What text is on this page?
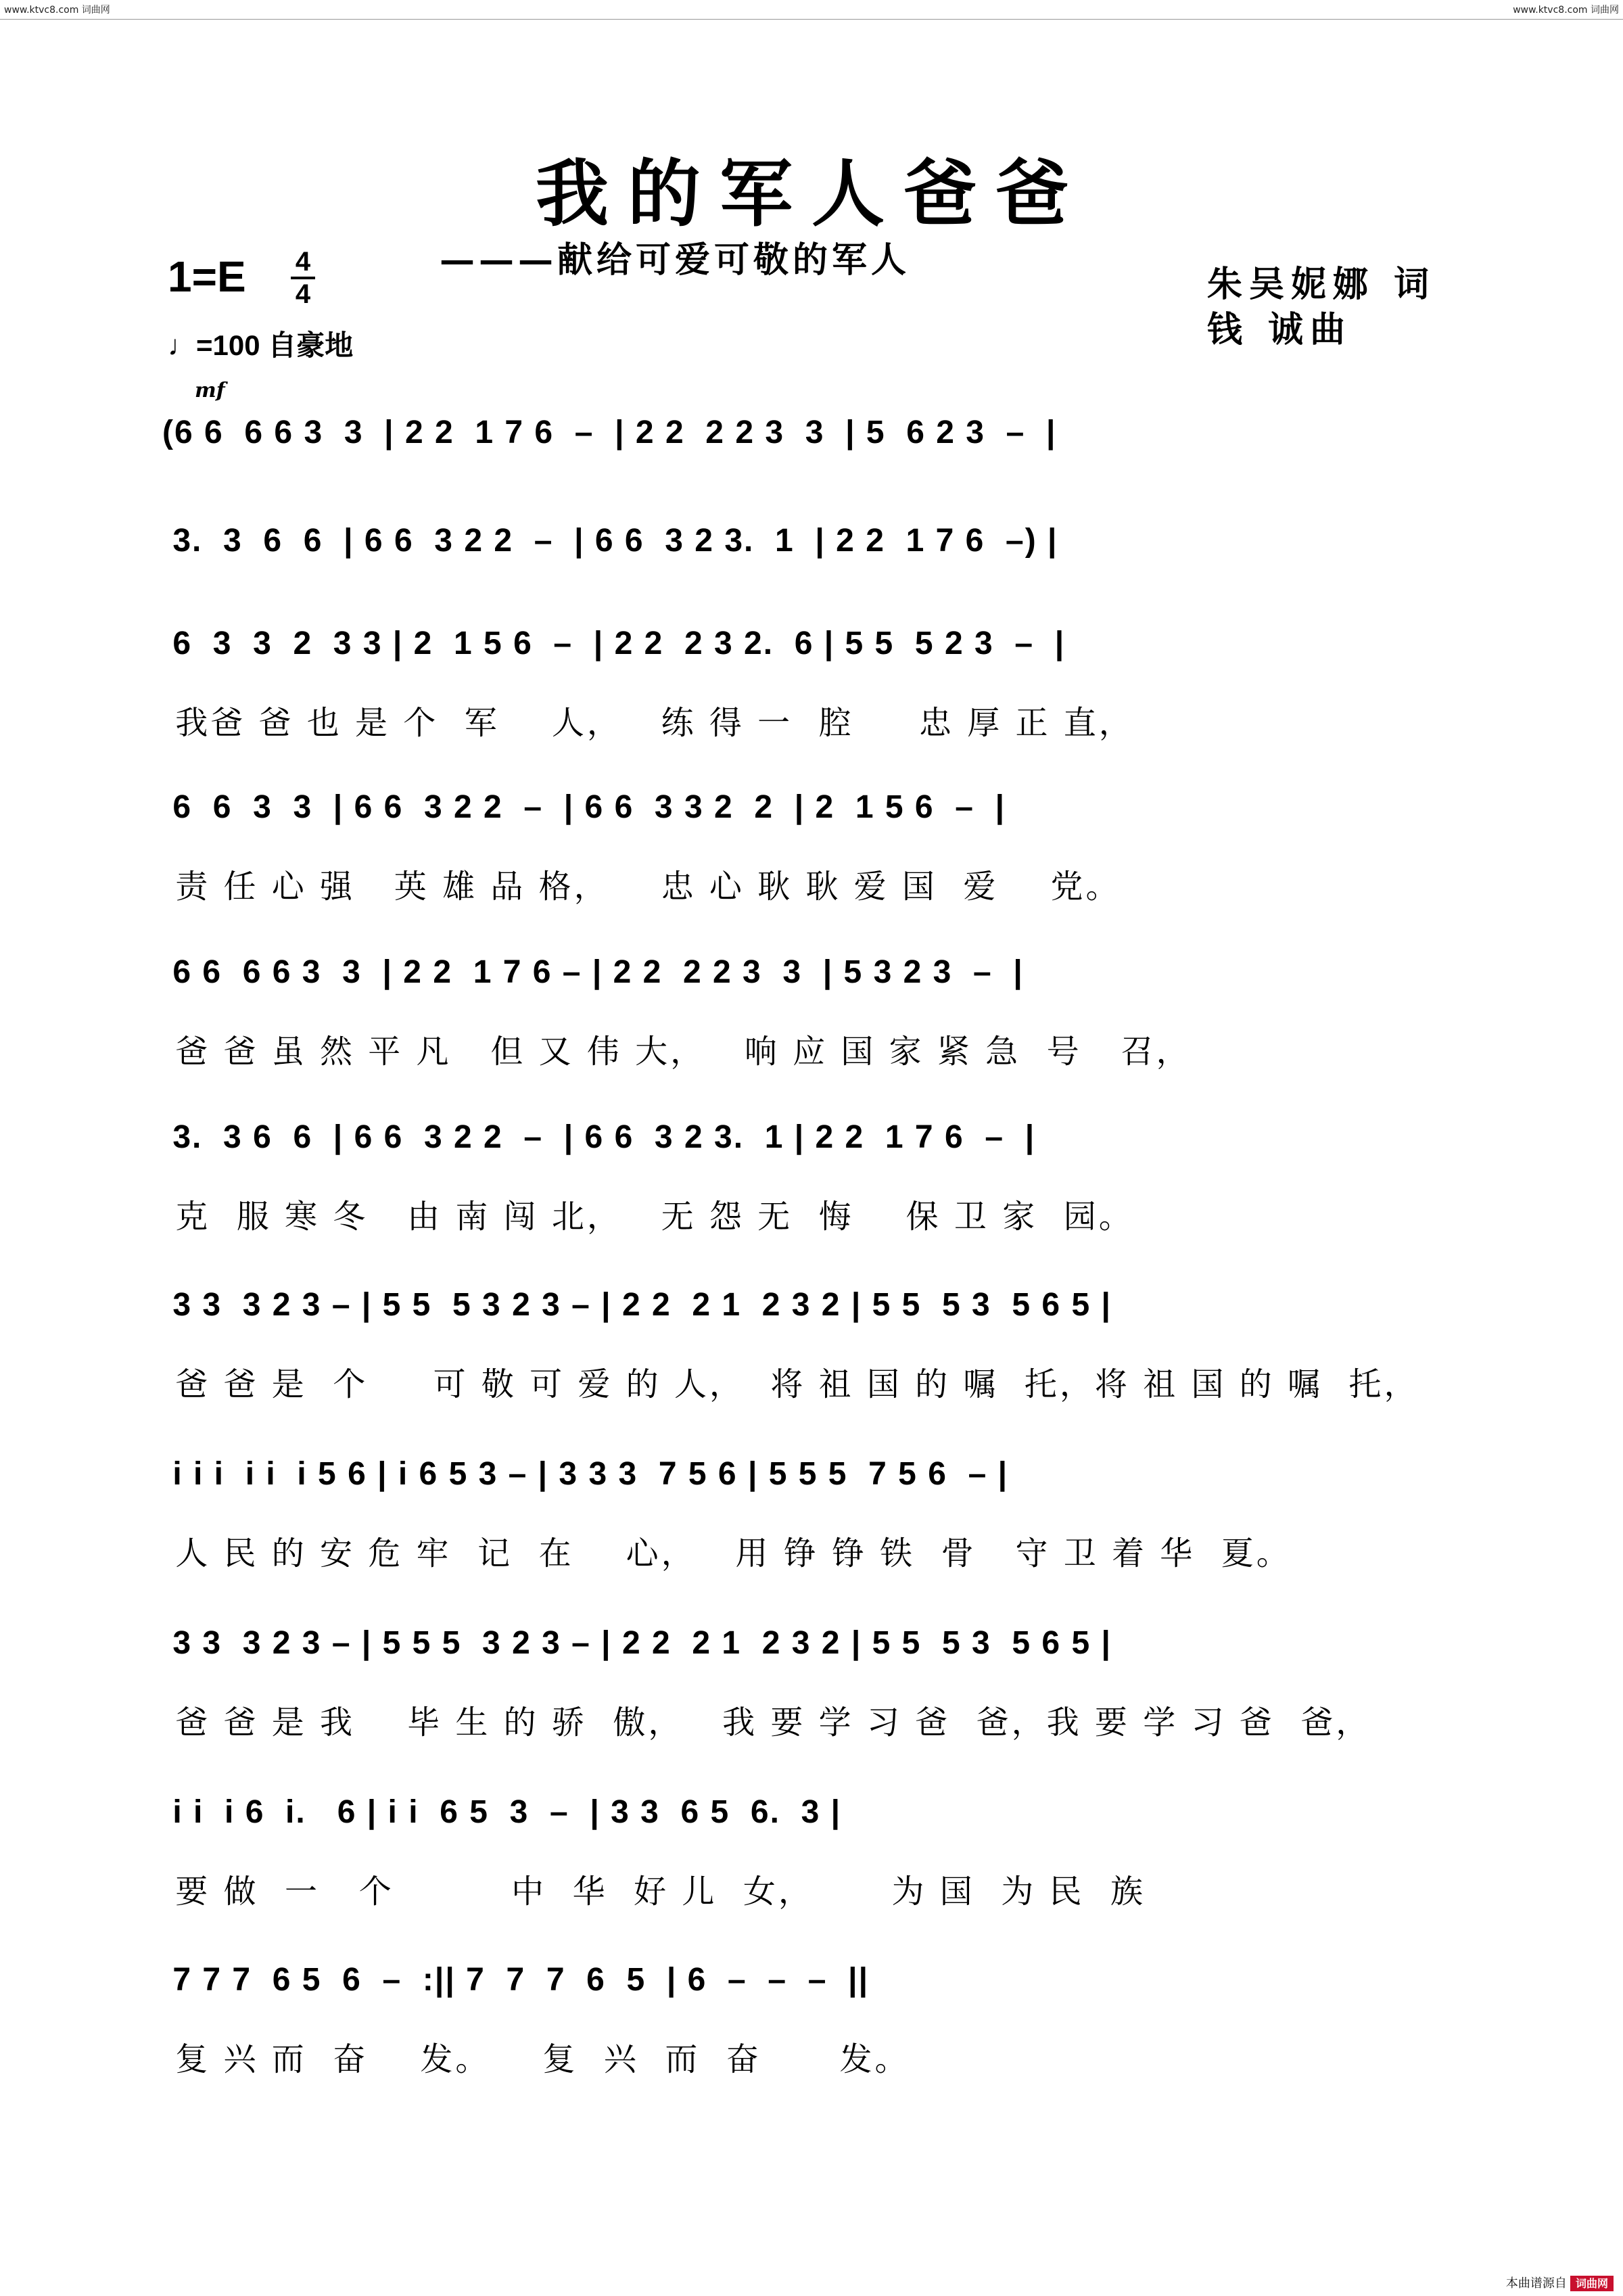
www.ktvc8.com 词曲网	www.ktvc8.com 词曲网
我的军人爸爸
———献给可爱可敬的军人
1=E 4
4
♩=100 自豪地
朱吴妮娜 词
钱 诚曲
mf
(6 6  6 6 3  3  | 2 2  1 7 6  –  | 2 2  2 2 3  3  | 5  6 2 3  –  |
3.  3  6  6  | 6 6  3 2 2  –  | 6 6  3 2 3.  1  | 2 2  1 7 6  –) |
6  3  3  2  3 3 | 2  1 5 6  –  | 2 2  2 3 2.  6 | 5 5  5 2 3  –  |
我爸 爸 也 是 个  军    人，   练 得 一  腔     忠 厚 正 直，
6  6  3  3  | 6 6  3 2 2  –  | 6 6  3 3 2  2  | 2  1 5 6  –  |
责 任 心 强   英 雄 品 格，    忠 心 耿 耿 爱 国  爱    党。
6 6  6 6 3  3  | 2 2  1 7 6 – | 2 2  2 2 3  3  | 5 3 2 3  –  |
爸 爸 虽 然 平 凡   但 又 伟 大，   响 应 国 家 紧 急  号   召，
3.  3 6  6  | 6 6  3 2 2  –  | 6 6  3 2 3.  1 | 2 2  1 7 6  –  |
克  服 寒 冬   由 南 闯 北，   无 怨 无  悔    保 卫 家  园。
3 3  3 2 3 – | 5 5  5 3 2 3 – | 2 2  2 1  2 3 2 | 5 5  5 3  5 6 5 |
爸 爸 是  个     可 敬 可 爱 的 人，  将 祖 国 的 嘱  托，将 祖 国 的 嘱  托，
i i i  i i  i 5 6 | i 6 5 3 – | 3 3 3  7 5 6 | 5 5 5  7 5 6  – |
人 民 的 安 危 牢  记  在    心，   用 铮 铮 铁  骨   守 卫 着 华  夏。
3 3  3 2 3 – | 5 5 5  3 2 3 – | 2 2  2 1  2 3 2 | 5 5  5 3  5 6 5 |
爸 爸 是 我    毕 生 的 骄  傲，   我 要 学 习 爸  爸，我 要 学 习 爸  爸，
i i  i 6  i.   6 | i i  6 5  3  –  | 3 3  6 5  6.  3 |
要 做  一   个         中  华  好 儿  女，      为 国  为 民  族
7 7 7  6 5  6  –  :|| 7  7  7  6  5  | 6  –  –  –  ||
复 兴 而  奋    发。    复  兴  而  奋      发。
本曲谱源自 词曲网
